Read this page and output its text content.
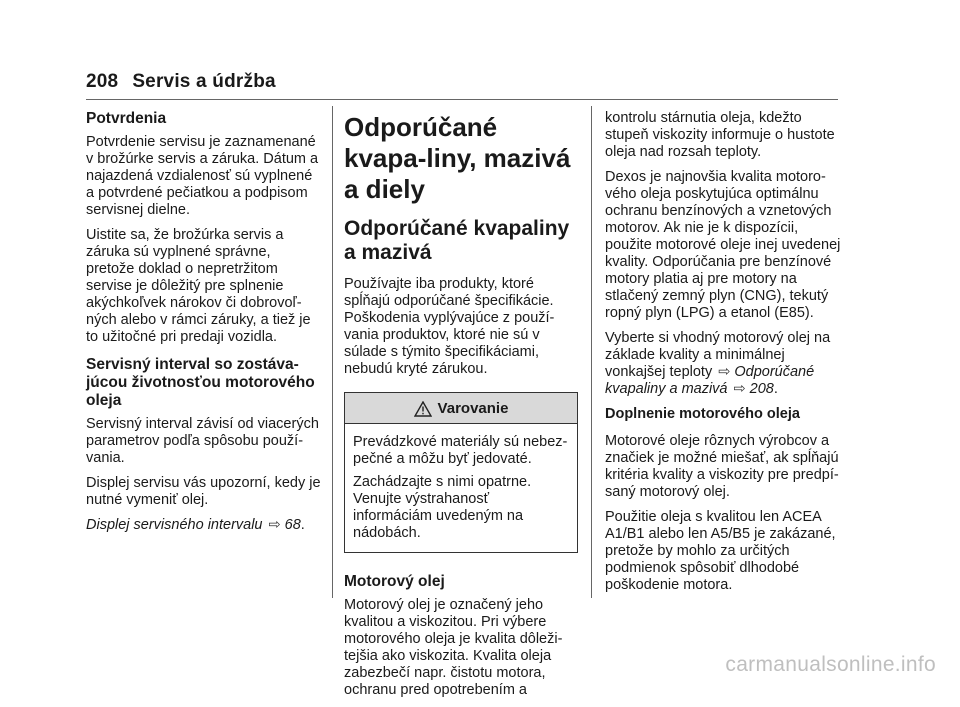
208 Servis a údržba
Potvrdenia

Potvrdenie servisu je zaznamenané v brožúrke servis a záruka. Dátum a najazdená vzdialenosť sú vyplnené a potvrdené pečiatkou a podpisom servisnej dielne.

Uistite sa, že brožúrka servis a záruka sú vyplnené správne, pretože doklad o nepretržitom servise je dôležitý pre splnenie akýchkoľvek nárokov či dobrovoľ-ných alebo v rámci záruky, a tiež je to užitočné pri predaji vozidla.

Servisný interval so zostáva-júcou životnosťou motorového oleja

Servisný interval závisí od viacerých parametrov podľa spôsobu použí-vania.

Displej servisu vás upozorní, kedy je nutné vymeniť olej.

Displej servisného intervalu ⇨ 68.

Odporúčané kvapa-liny, mazivá a diely
Odporúčané kvapaliny a mazivá

Používajte iba produkty, ktoré spĺňajú odporúčané špecifikácie. Poškodenia vyplývajúce z použí-vania produktov, ktoré nie sú v súlade s týmito špecifikáciami, nebudú kryté zárukou.

Varovanie

Prevádzkové materiály sú nebez-pečné a môžu byť jedovaté.

Zachádzajte s nimi opatrne. Venujte výstrahanosť informáciám uvedeným na nádobách.

Motorový olej

Motorový olej je označený jeho kvalitou a viskozitou. Pri výbere motorového oleja je kvalita dôleži-tejšia ako viskozita. Kvalita oleja zabezbečí napr. čistotu motora, ochranu pred opotrebením a

kontrolu stárnutia oleja, kdežto stupeň viskozity informuje o hustote oleja nad rozsah teploty.

Dexos je najnovšia kvalita motoro-vého oleja poskytujúca optimálnu ochranu benzínových a vznetových motorov. Ak nie je k dispozícii, použite motorové oleje inej uvedenej kvality. Odporúčania pre benzínové motory platia aj pre motory na stlačený zemný plyn (CNG), tekutý ropný plyn (LPG) a etanol (E85).

Vyberte si vhodný motorový olej na základe kvality a minimálnej vonkajšej teploty ⇨ Odporúčané kvapaliny a mazivá ⇨ 208.

Doplnenie motorového oleja

Motorové oleje rôznych výrobcov a značiek je možné miešať, ak spĺňajú kritéria kvality a viskozity pre predpí-saný motorový olej.

Použitie oleja s kvalitou len ACEA A1/B1 alebo len A5/B5 je zakázané, pretože by mohlo za určitých podmienok spôsobiť dlhodobé poškodenie motora.

carmanualsonline.info
